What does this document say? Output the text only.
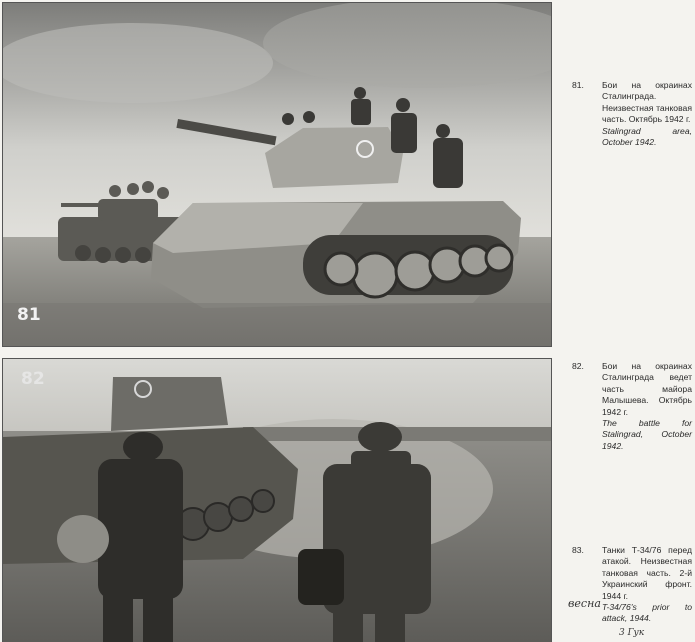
81
82
81. Бои на окраинах Сталинграда. Неизвестная танковая часть. Октябрь 1942 г.
Stalingrad area, October 1942.
82. Бои на окраинах Сталинграда ведет часть майора Малышева. Октябрь 1942 г.
The battle for Stalingrad, October 1942.
83. Танки Т-34/76 перед атакой. Неизвестная танковая часть. 2-й Украинский фронт. 1944 г.
T-34/76's prior to attack, 1944.
весна
3 Гук
